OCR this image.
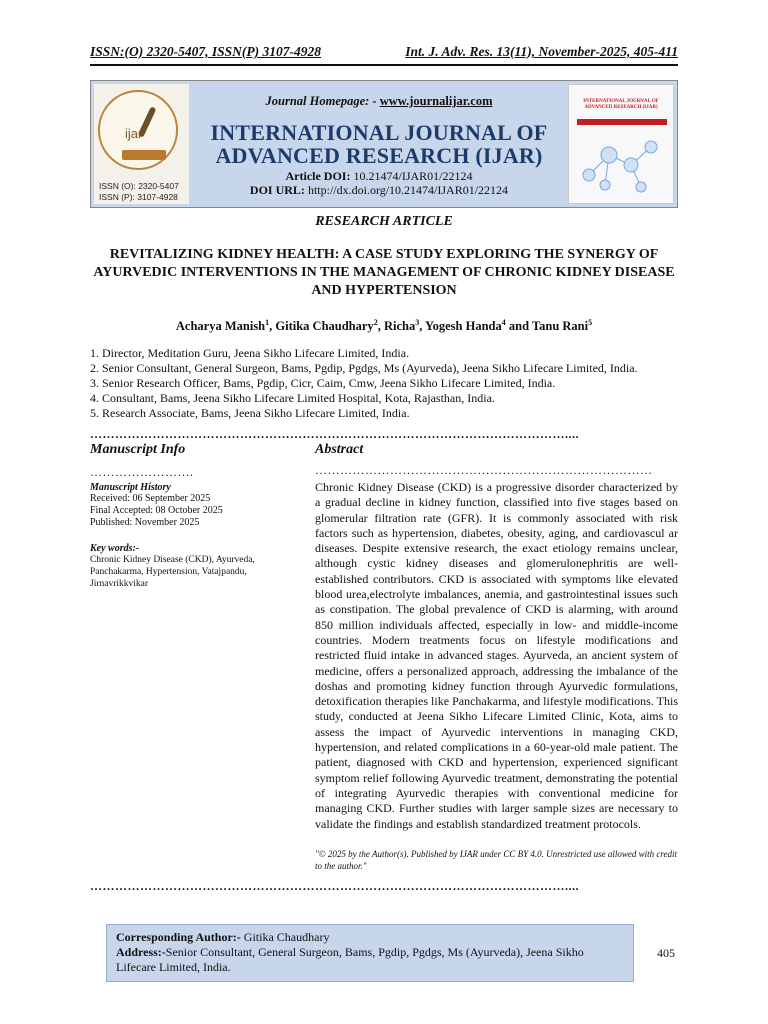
ISSN:(O) 2320-5407, ISSN(P) 3107-4928	Int. J. Adv. Res. 13(11), November-2025, 405-411
ijar
ISSN (O): 2320-5407
ISSN (P): 3107-4928
Journal Homepage: - www.journalijar.com
INTERNATIONAL JOURNAL OF
ADVANCED RESEARCH (IJAR)
Article DOI: 10.21474/IJAR01/22124
DOI URL: http://dx.doi.org/10.21474/IJAR01/22124
INTERNATIONAL JOURNAL OF ADVANCED RESEARCH (IJAR)
RESEARCH ARTICLE
REVITALIZING KIDNEY HEALTH: A CASE STUDY EXPLORING THE SYNERGY OF AYURVEDIC INTERVENTIONS IN THE MANAGEMENT OF CHRONIC KIDNEY DISEASE AND HYPERTENSION
Acharya Manish$^1$, Gitika Chaudhary$^2$, Richa$^3$, Yogesh Handa$^4$ and Tanu Rani$^5$
1. Director, Meditation Guru, Jeena Sikho Lifecare Limited, India.
2. Senior Consultant, General Surgeon, Bams, Pgdip, Pgdgs, Ms (Ayurveda), Jeena Sikho Lifecare Limited, India.
3. Senior Research Officer, Bams, Pgdip, Cicr, Caim, Cmw, Jeena Sikho Lifecare Limited, India.
4. Consultant, Bams, Jeena Sikho Lifecare Limited Hospital, Kota, Rajasthan, India.
5. Research Associate, Bams, Jeena Sikho Lifecare Limited, India.
……………………………………………………………………………………………………....
Manuscript Info
…………………….
Manuscript History
Received: 06 September 2025
Final Accepted: 08 October 2025
Published: November 2025
Key words:-
Chronic Kidney Disease (CKD), Ayurveda, Panchakarma, Hypertension, Vatajpandu, Jirnavrikkvikar
Abstract
………………………………………………………………………
Chronic Kidney Disease (CKD) is a progressive disorder characterized by a gradual decline in kidney function, classified into five stages based on glomerular filtration rate (GFR). It is commonly associated with risk factors such as hypertension, diabetes, obesity, aging, and cardiovascul ar diseases. Despite extensive research, the exact etiology remains unclear, although cystic kidney diseases and glomerulonephritis are well-established contributors. CKD is associated with symptoms like elevated blood urea,electrolyte imbalances, anemia, and gastrointestinal issues such as constipation. The global prevalence of CKD is alarming, with around 850 million individuals affected, especially in low- and middle-income countries. Modern treatments focus on lifestyle modifications and restricted fluid intake in advanced stages. Ayurveda, an ancient system of medicine, offers a personalized approach, addressing the imbalance of the doshas and promoting kidney function through Ayurvedic formulations, detoxification therapies like Panchakarma, and lifestyle modifications. This study, conducted at Jeena Sikho Lifecare Limited Clinic, Kota, aims to assess the impact of Ayurvedic interventions in managing CKD, hypertension, and related complications in a 60-year-old male patient. The patient, diagnosed with CKD and hypertension, experienced significant symptom relief following Ayurvedic treatment, demonstrating the potential of integrating Ayurvedic therapies with conventional medicine for managing CKD. Further studies with larger sample sizes are necessary to validate the findings and establish standardized treatment protocols.
"© 2025 by the Author(s). Published by IJAR under CC BY 4.0. Unrestricted use allowed with credit to the author."
……………………………………………………………………………………………………....
Corresponding Author:- Gitika Chaudhary
Address:-Senior Consultant, General Surgeon, Bams, Pgdip, Pgdgs, Ms (Ayurveda), Jeena Sikho Lifecare Limited, India.
405
